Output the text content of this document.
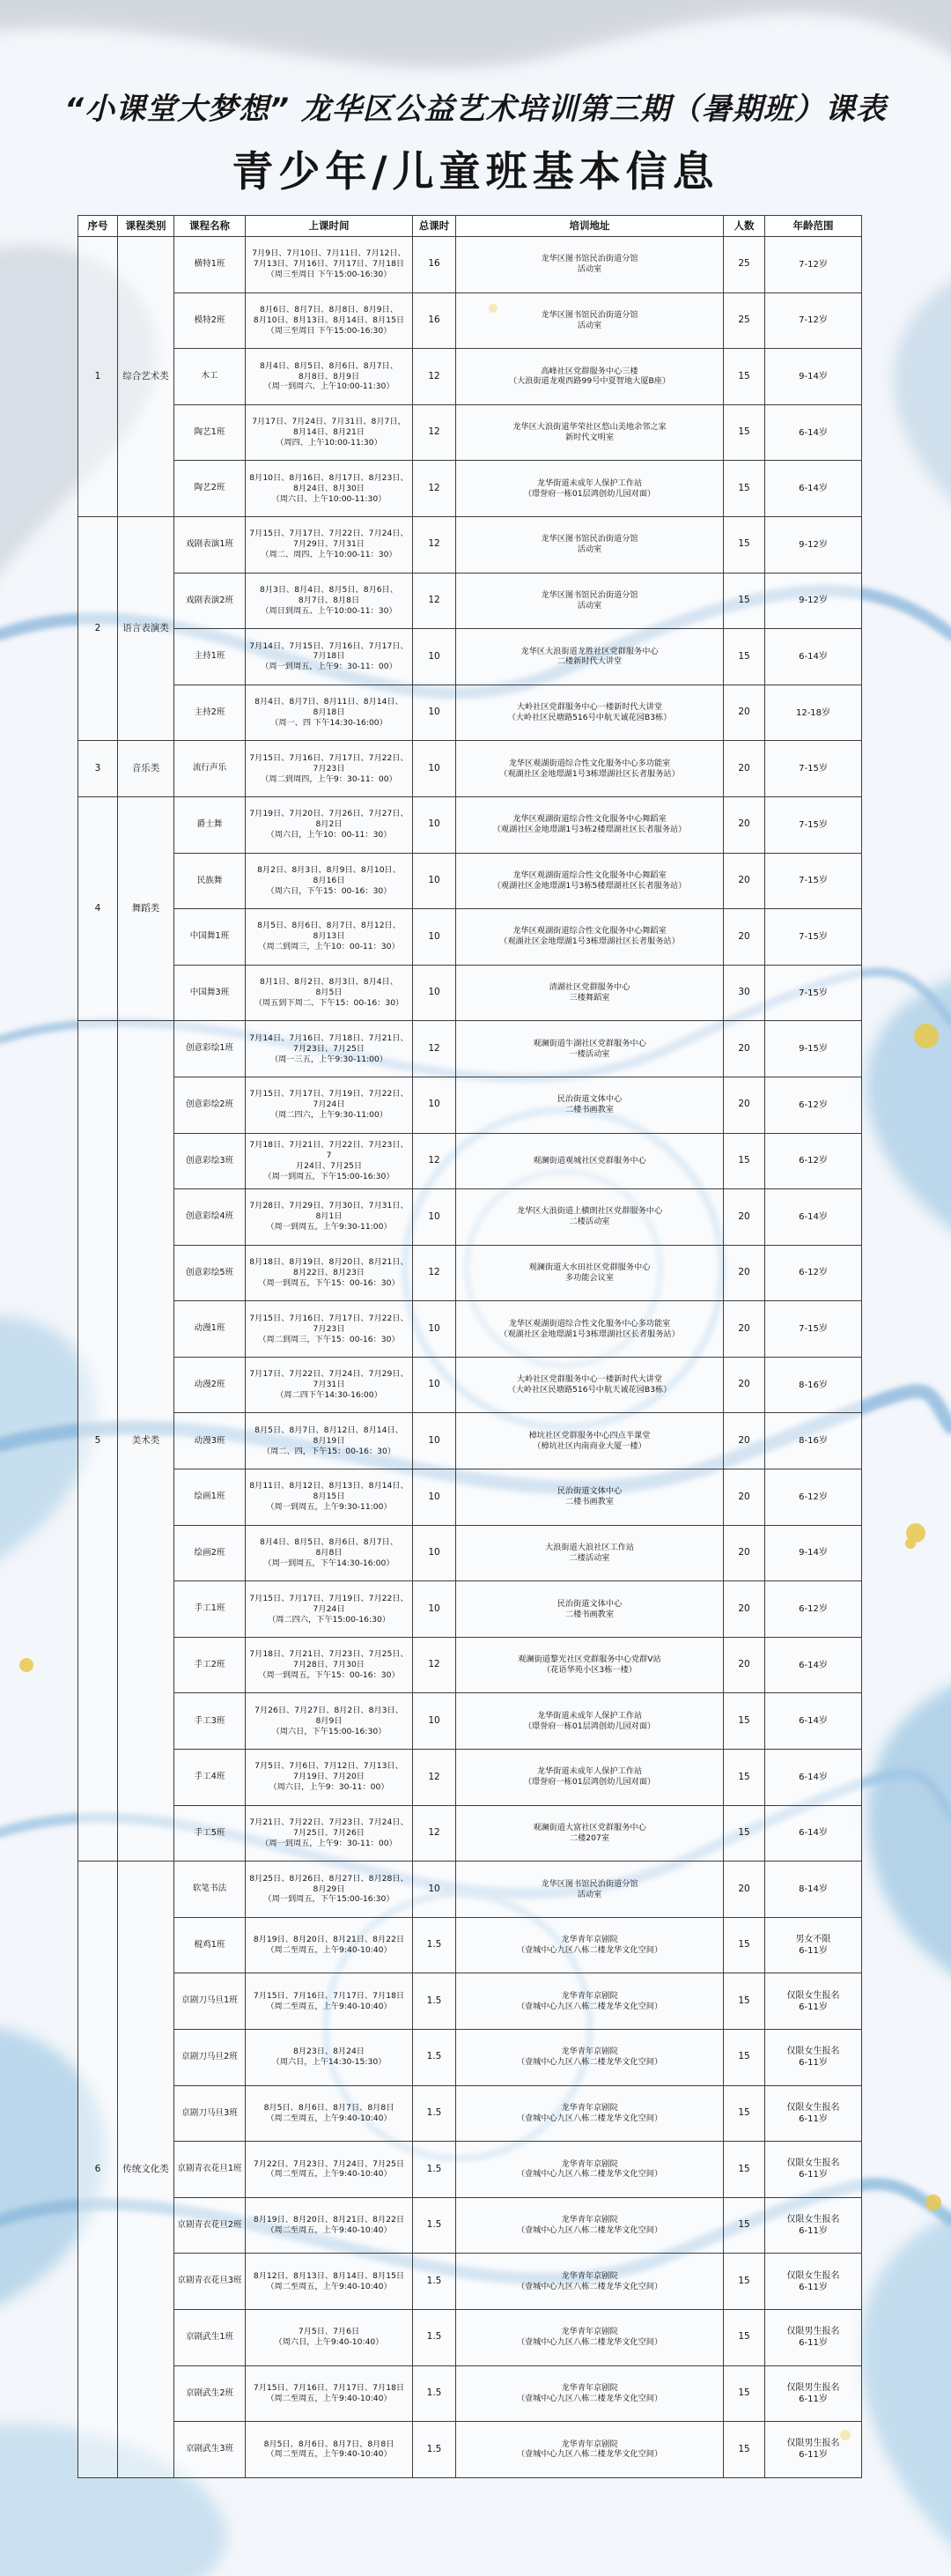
“小课堂大梦想” 龙华区公益艺术培训第三期（暑期班）课表
青少年/儿童班基本信息
序号	课程类别	课程名称	上课时间	总课时	培训地址	人数	年龄范围
1	综合艺术类	横特1班	7月9日、7月10日、7月11日、7月12日、
7月13日、7月16日、7月17日、7月18日
（周三至周日 下午15:00-16:30）	16	龙华区图书馆民治街道分馆
活动室	25	7-12岁
		模特2班	8月6日、8月7日、8月8日、8月9日、
8月10日、8月13日、8月14日、8月15日
（周三至周日 下午15:00-16:30）	16	龙华区图书馆民治街道分馆
活动室	25	7-12岁
		木工	8月4日、8月5日、8月6日、8月7日、
8月8日、8月9日
（周一到周六、上午10:00-11:30）	12	高峰社区党群服务中心三楼
（大浪街道龙观西路99号中夏智地大厦B座）	15	9-14岁
		陶艺1班	7月17日、7月24日、7月31日、8月7日，
8月14日、8月21日
（周四、上午10:00-11:30）	12	龙华区大浪街道华荣社区悠山美地余邻之家
新时代文明室	15	6-14岁
		陶艺2班	8月10日、8月16日、8月17日、8月23日、
8月24日、8月30日
（周六日、上午10:00-11:30）	12	龙华街道未成年人保护工作站
（璟誉府一栋01层鸿创幼儿园对面）	15	6-14岁
2	语言表演类	戏剧表演1班	7月15日、7月17日、7月22日、7月24日、
7月29日、7月31日
（周二、周四、上午10:00-11：30）	12	龙华区图书馆民治街道分馆
活动室	15	9-12岁
		戏剧表演2班	8月3日、8月4日、8月5日、8月6日、
8月7日、8月8日
（周日到周五、上午10:00-11：30）	12	龙华区图书馆民治街道分馆
活动室	15	9-12岁
		主持1班	7月14日、7月15日、7月16日、7月17日、
7月18日
（周一到周五，上午9：30-11：00）	10	龙华区大浪街道龙胜社区党群服务中心
二楼新时代大讲堂	15	6-14岁
		主持2班	8月4日、8月7日、8月11日、8月14日、
8月18日
（周一、四 下午14:30-16:00）	10	大岭社区党群服务中心一楼新时代大讲堂
（大岭社区民塘路516号中航天诚花园B3栋）	20	12-18岁
3	音乐类	流行声乐	7月15日、7月16日、7月17日、7月22日、
7月23日
（周二到周四，上午9：30-11：00）	10	龙华区观湖街道综合性文化服务中心多功能室
（观湖社区金地璟湖1号3栋璟湖社区长者服务站）	20	7-15岁
4	舞蹈类	爵士舞	7月19日、7月20日、7月26日、7月27日、
8月2日
（周六日，上午10：00-11：30）	10	龙华区观湖街道综合性文化服务中心舞蹈室
（观湖社区金地璟湖1号3栋2楼璟湖社区长者服务站）	20	7-15岁
		民族舞	8月2日、8月3日、8月9日、8月10日、
8月16日
（周六日，下午15：00-16：30）	10	龙华区观湖街道综合性文化服务中心舞蹈室
（观湖社区金地璟湖1号3栋5楼璟湖社区长者服务站）	20	7-15岁
		中国舞1班	8月5日、8月6日、8月7日、8月12日、
8月13日
（周二到周三，上午10：00-11：30）	10	龙华区观湖街道综合性文化服务中心舞蹈室
（观湖社区金地璟湖1号3栋璟湖社区长者服务站）	20	7-15岁
		中国舞3班	8月1日、8月2日、8月3日、8月4日、
8月5日
（周五到下周二、下午15：00-16：30）	10	清湖社区党群服务中心
三楼舞蹈室	30	7-15岁
5	美术类	创意彩绘1班	7月14日、7月16日、7月18日、7月21日、
7月23日、7月25日
（周一三五，上午9:30-11:00）	12	观澜街道牛湖社区党群服务中心
一楼活动室	20	9-15岁
		创意彩绘2班	7月15日、7月17日、7月19日、7月22日、
7月24日
（周二四六，上午9:30-11:00）	10	民治街道文体中心
二楼书画教室	20	6-12岁
		创意彩绘3班	7月18日、7月21日、7月22日、7月23日、7
月24日、7月25日
（周一到周五，下午15:00-16:30）	12	观澜街道观城社区党群服务中心	15	6-12岁
		创意彩绘4班	7月28日、7月29日、7月30日、7月31日、
8月1日
（周一到周五，上午9:30-11:00）	10	龙华区大浪街道上横朗社区党群服务中心
二楼活动室	20	6-14岁
		创意彩绘5班	8月18日、8月19日、8月20日、8月21日、
8月22日、8月23日
（周一到周五，下午15：00-16：30）	12	观澜街道大水田社区党群服务中心
多功能会议室	20	6-12岁
		动漫1班	7月15日、7月16日、7月17日、7月22日、
7月23日
（周二到周三，下午15：00-16：30）	10	龙华区观湖街道综合性文化服务中心多功能室
（观湖社区金地璟湖1号3栋璟湖社区长者服务站）	20	7-15岁
		动漫2班	7月17日、7月22日、7月24日、7月29日、
7月31日
（周二四下午14:30-16:00）	10	大岭社区党群服务中心一楼新时代大讲堂
（大岭社区民塘路516号中航天诚花园B3栋）	20	8-16岁
		动漫3班	8月5日、8月7日、8月12日、8月14日、
8月19日
（周二、四，下午15：00-16：30）	10	樟坑社区党群服务中心四点半课堂
（樟坑社区内南商业大厦一楼）	20	8-16岁
		绘画1班	8月11日、8月12日、8月13日、8月14日、
8月15日
（周一到周五，上午9:30-11:00）	10	民治街道文体中心
二楼书画教室	20	6-12岁
		绘画2班	8月4日、8月5日、8月6日、8月7日、
8月8日
（周一到周五，下午14:30-16:00）	10	大浪街道大浪社区工作站
二楼活动室	20	9-14岁
		手工1班	7月15日、7月17日、7月19日、7月22日、
7月24日
（周二四六，下午15:00-16:30）	10	民治街道文体中心
二楼书画教室	20	6-12岁
		手工2班	7月18日、7月21日、7月23日、7月25日、
7月28日、7月30日
（周一到周五，下午15：00-16：30）	12	观澜街道黎光社区党群服务中心党群V站
（花语华苑小区3栋一楼）	20	6-14岁
		手工3班	7月26日、7月27日、8月2日、8月3日、
8月9日
（周六日，下午15:00-16:30）	10	龙华街道未成年人保护工作站
（璟誉府一栋01层鸿创幼儿园对面）	15	6-14岁
		手工4班	7月5日、7月6日、7月12日、7月13日、
7月19日、7月20日
（周六日，上午9：30-11：00）	12	龙华街道未成年人保护工作站
（璟誉府一栋01层鸿创幼儿园对面）	15	6-14岁
		手工5班	7月21日、7月22日、7月23日、7月24日、
7月25日、7月26日
（周一到周五，上午9：30-11：00）	12	观澜街道大富社区党群服务中心
二楼207室	15	6-14岁
6	传统文化类	软笔书法	8月25日、8月26日、8月27日、8月28日、
8月29日
（周一到周五，下午15:00-16:30）	10	龙华区图书馆民治街道分馆
活动室	20	8-14岁
		棍鸡1班	8月19日、8月20日、8月21日、8月22日
（周二至周五，上午9:40-10:40）	1.5	龙华青年京剧院
（壹城中心九区八栋二楼龙华文化空间）	15	男女不限
6-11岁
		京剧刀马旦1班	7月15日、7月16日、7月17日、7月18日
（周二至周五，上午9:40-10:40）	1.5	龙华青年京剧院
（壹城中心九区八栋二楼龙华文化空间）	15	仅限女生报名
6-11岁
		京剧刀马旦2班	8月23日、8月24日
（周六日，上午14:30-15:30）	1.5	龙华青年京剧院
（壹城中心九区八栋二楼龙华文化空间）	15	仅限女生报名
6-11岁
		京剧刀马旦3班	8月5日、8月6日、8月7日、8月8日
（周二至周五，上午9:40-10:40）	1.5	龙华青年京剧院
（壹城中心九区八栋二楼龙华文化空间）	15	仅限女生报名
6-11岁
		京剧青衣花旦1班	7月22日、7月23日、7月24日、7月25日
（周二至周五，上午9:40-10:40）	1.5	龙华青年京剧院
（壹城中心九区八栋二楼龙华文化空间）	15	仅限女生报名
6-11岁
		京剧青衣花旦2班	8月19日、8月20日、8月21日、8月22日
（周二至周五，上午9:40-10:40）	1.5	龙华青年京剧院
（壹城中心九区八栋二楼龙华文化空间）	15	仅限女生报名
6-11岁
		京剧青衣花旦3班	8月12日、8月13日、8月14日、8月15日
（周二至周五，上午9:40-10:40）	1.5	龙华青年京剧院
（壹城中心九区八栋二楼龙华文化空间）	15	仅限女生报名
6-11岁
		京剧武生1班	7月5日、7月6日
（周六日，上午9:40-10:40）	1.5	龙华青年京剧院
（壹城中心九区八栋二楼龙华文化空间）	15	仅限男生报名
6-11岁
		京剧武生2班	7月15日、7月16日、7月17日、7月18日
（周二至周五，上午9:40-10:40）	1.5	龙华青年京剧院
（壹城中心九区八栋二楼龙华文化空间）	15	仅限男生报名
6-11岁
		京剧武生3班	8月5日、8月6日、8月7日、8月8日
（周二至周五，上午9:40-10:40）	1.5	龙华青年京剧院
（壹城中心九区八栋二楼龙华文化空间）	15	仅限男生报名
6-11岁
